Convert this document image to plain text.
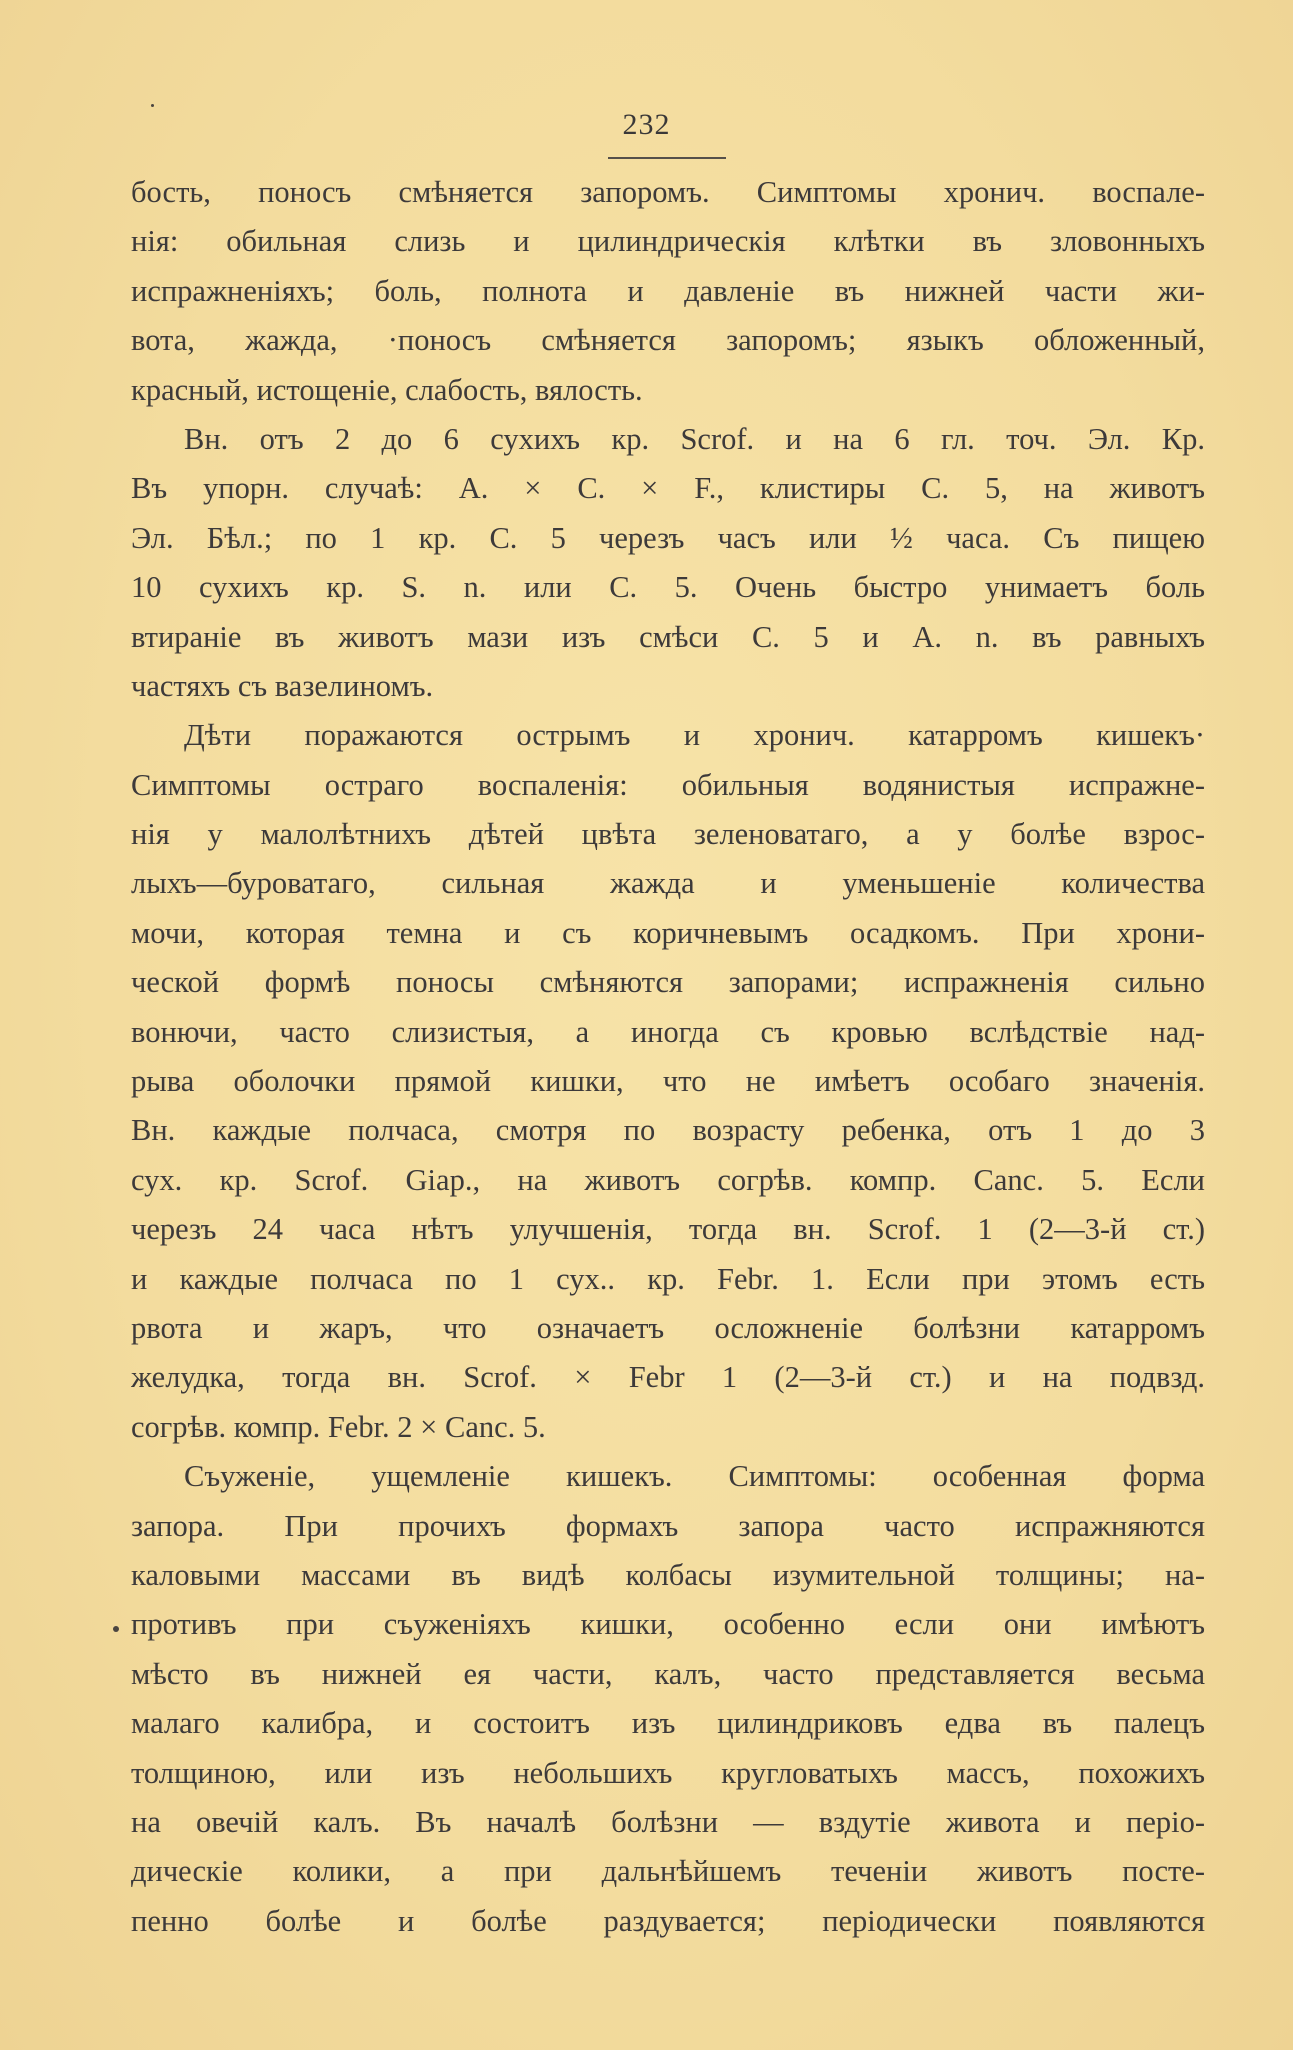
232
бость, поносъ смѣняется запоромъ. Симптомы хронич. воспале-
нія: обильная слизь и цилиндрическія клѣтки въ зловонныхъ
испражненіяхъ; боль, полнота и давленіе въ нижней части жи-
вота, жажда, ·поносъ смѣняется запоромъ; языкъ обложенный,
красный, истощеніе, слабость, вялость.
Вн. отъ 2 до 6 сухихъ кр. Scrof. и на 6 гл. точ. Эл. Кр.
Въ упорн. случаѣ: A. × C. × F., клистиры C. 5, на животъ
Эл. Бѣл.; по 1 кр. C. 5 черезъ часъ или ½ часа. Съ пищею
10 сухихъ кр. S. n. или C. 5. Очень быстро унимаетъ боль
втираніе въ животъ мази изъ смѣси C. 5 и A. n. въ равныхъ
частяхъ съ вазелиномъ.
Дѣти поражаются острымъ и хронич. катарромъ кишекъ·
Симптомы остраго воспаленія: обильныя водянистыя испражне-
нія у малолѣтнихъ дѣтей цвѣта зеленоватаго, а у болѣе взрос-
лыхъ—буроватаго, сильная жажда и уменьшеніе количества
мочи, которая темна и съ коричневымъ осадкомъ. При хрони-
ческой формѣ поносы смѣняются запорами; испражненія сильно
вонючи, часто слизистыя, а иногда съ кровью вслѣдствіе над-
рыва оболочки прямой кишки, что не имѣетъ особаго значенія.
Вн. каждые полчаса, смотря по возрасту ребенка, отъ 1 до 3
сух. кр. Scrof. Giap., на животъ согрѣв. компр. Canc. 5. Если
черезъ 24 часа нѣтъ улучшенія, тогда вн. Scrof. 1 (2—3-й ст.)
и каждые полчаса по 1 сух.. кр. Febr. 1. Если при этомъ есть
рвота и жаръ, что означаетъ осложненіе болѣзни катарромъ
желудка, тогда вн. Scrof. × Febr 1 (2—3-й ст.) и на подвзд.
согрѣв. компр. Febr. 2 × Canc. 5.
Съуженіе, ущемленіе кишекъ. Симптомы: особенная форма
запора. При прочихъ формахъ запора часто испражняются
каловыми массами въ видѣ колбасы изумительной толщины; на-
противъ при съуженіяхъ кишки, особенно если они имѣютъ
мѣсто въ нижней ея части, калъ, часто представляется весьма
малаго калибра, и состоитъ изъ цилиндриковъ едва въ палецъ
толщиною, или изъ небольшихъ кругловатыхъ массъ, похожихъ
на овечій калъ. Въ началѣ болѣзни — вздутіе живота и періо-
дическіе колики, а при дальнѣйшемъ теченіи животъ посте-
пенно болѣе и болѣе раздувается; періодически появляются
